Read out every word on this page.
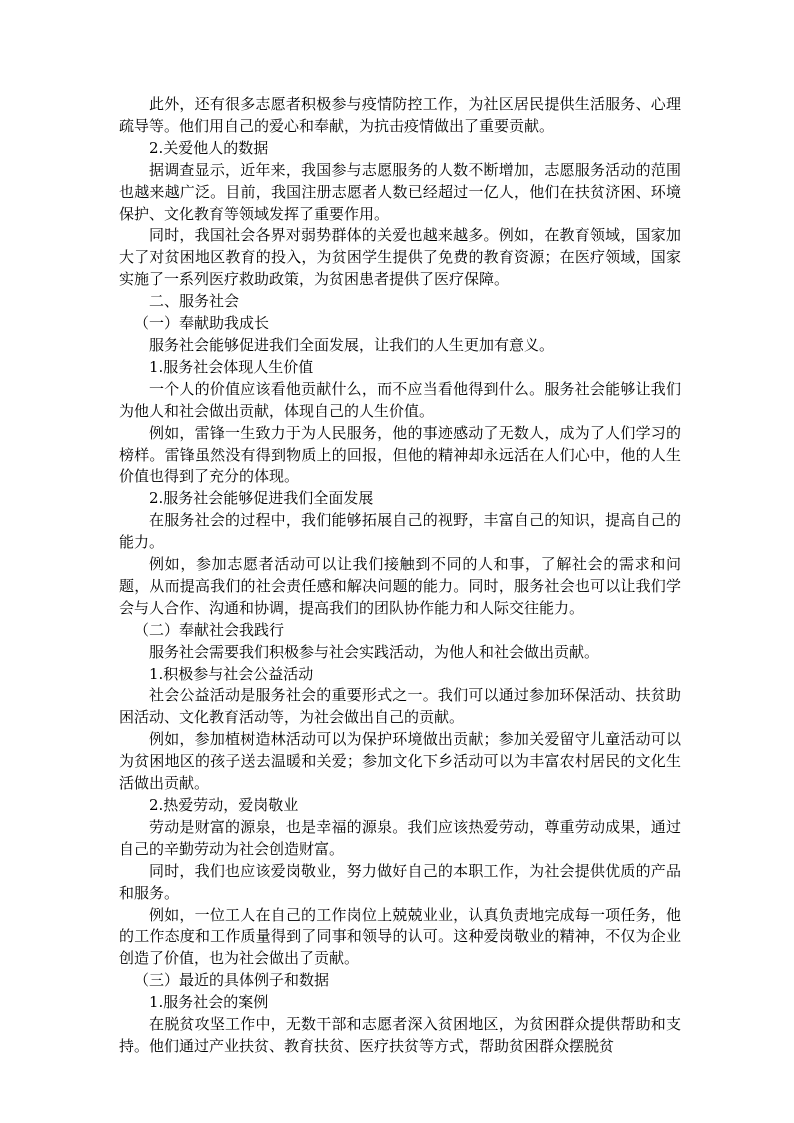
此外，还有很多志愿者积极参与疫情防控工作，为社区居民提供生活服务、心理疏导等。他们用自己的爱心和奉献，为抗击疫情做出了重要贡献。

2.关爱他人的数据

据调查显示，近年来，我国参与志愿服务的人数不断增加，志愿服务活动的范围也越来越广泛。目前，我国注册志愿者人数已经超过一亿人，他们在扶贫济困、环境保护、文化教育等领域发挥了重要作用。

同时，我国社会各界对弱势群体的关爱也越来越多。例如，在教育领域，国家加大了对贫困地区教育的投入，为贫困学生提供了免费的教育资源；在医疗领域，国家实施了一系列医疗救助政策，为贫困患者提供了医疗保障。

二、服务社会

（一）奉献助我成长

服务社会能够促进我们全面发展，让我们的人生更加有意义。

1.服务社会体现人生价值

一个人的价值应该看他贡献什么，而不应当看他得到什么。服务社会能够让我们为他人和社会做出贡献，体现自己的人生价值。

例如，雷锋一生致力于为人民服务，他的事迹感动了无数人，成为了人们学习的榜样。雷锋虽然没有得到物质上的回报，但他的精神却永远活在人们心中，他的人生价值也得到了充分的体现。

2.服务社会能够促进我们全面发展

在服务社会的过程中，我们能够拓展自己的视野，丰富自己的知识，提高自己的能力。

例如，参加志愿者活动可以让我们接触到不同的人和事，了解社会的需求和问题，从而提高我们的社会责任感和解决问题的能力。同时，服务社会也可以让我们学会与人合作、沟通和协调，提高我们的团队协作能力和人际交往能力。

（二）奉献社会我践行

服务社会需要我们积极参与社会实践活动，为他人和社会做出贡献。

1.积极参与社会公益活动

社会公益活动是服务社会的重要形式之一。我们可以通过参加环保活动、扶贫助困活动、文化教育活动等，为社会做出自己的贡献。

例如，参加植树造林活动可以为保护环境做出贡献；参加关爱留守儿童活动可以为贫困地区的孩子送去温暖和关爱；参加文化下乡活动可以为丰富农村居民的文化生活做出贡献。

2.热爱劳动，爱岗敬业

劳动是财富的源泉，也是幸福的源泉。我们应该热爱劳动，尊重劳动成果，通过自己的辛勤劳动为社会创造财富。

同时，我们也应该爱岗敬业，努力做好自己的本职工作，为社会提供优质的产品和服务。

例如，一位工人在自己的工作岗位上兢兢业业，认真负责地完成每一项任务，他的工作态度和工作质量得到了同事和领导的认可。这种爱岗敬业的精神，不仅为企业创造了价值，也为社会做出了贡献。

（三）最近的具体例子和数据

1.服务社会的案例

在脱贫攻坚工作中，无数干部和志愿者深入贫困地区，为贫困群众提供帮助和支持。他们通过产业扶贫、教育扶贫、医疗扶贫等方式，帮助贫困群众摆脱贫
